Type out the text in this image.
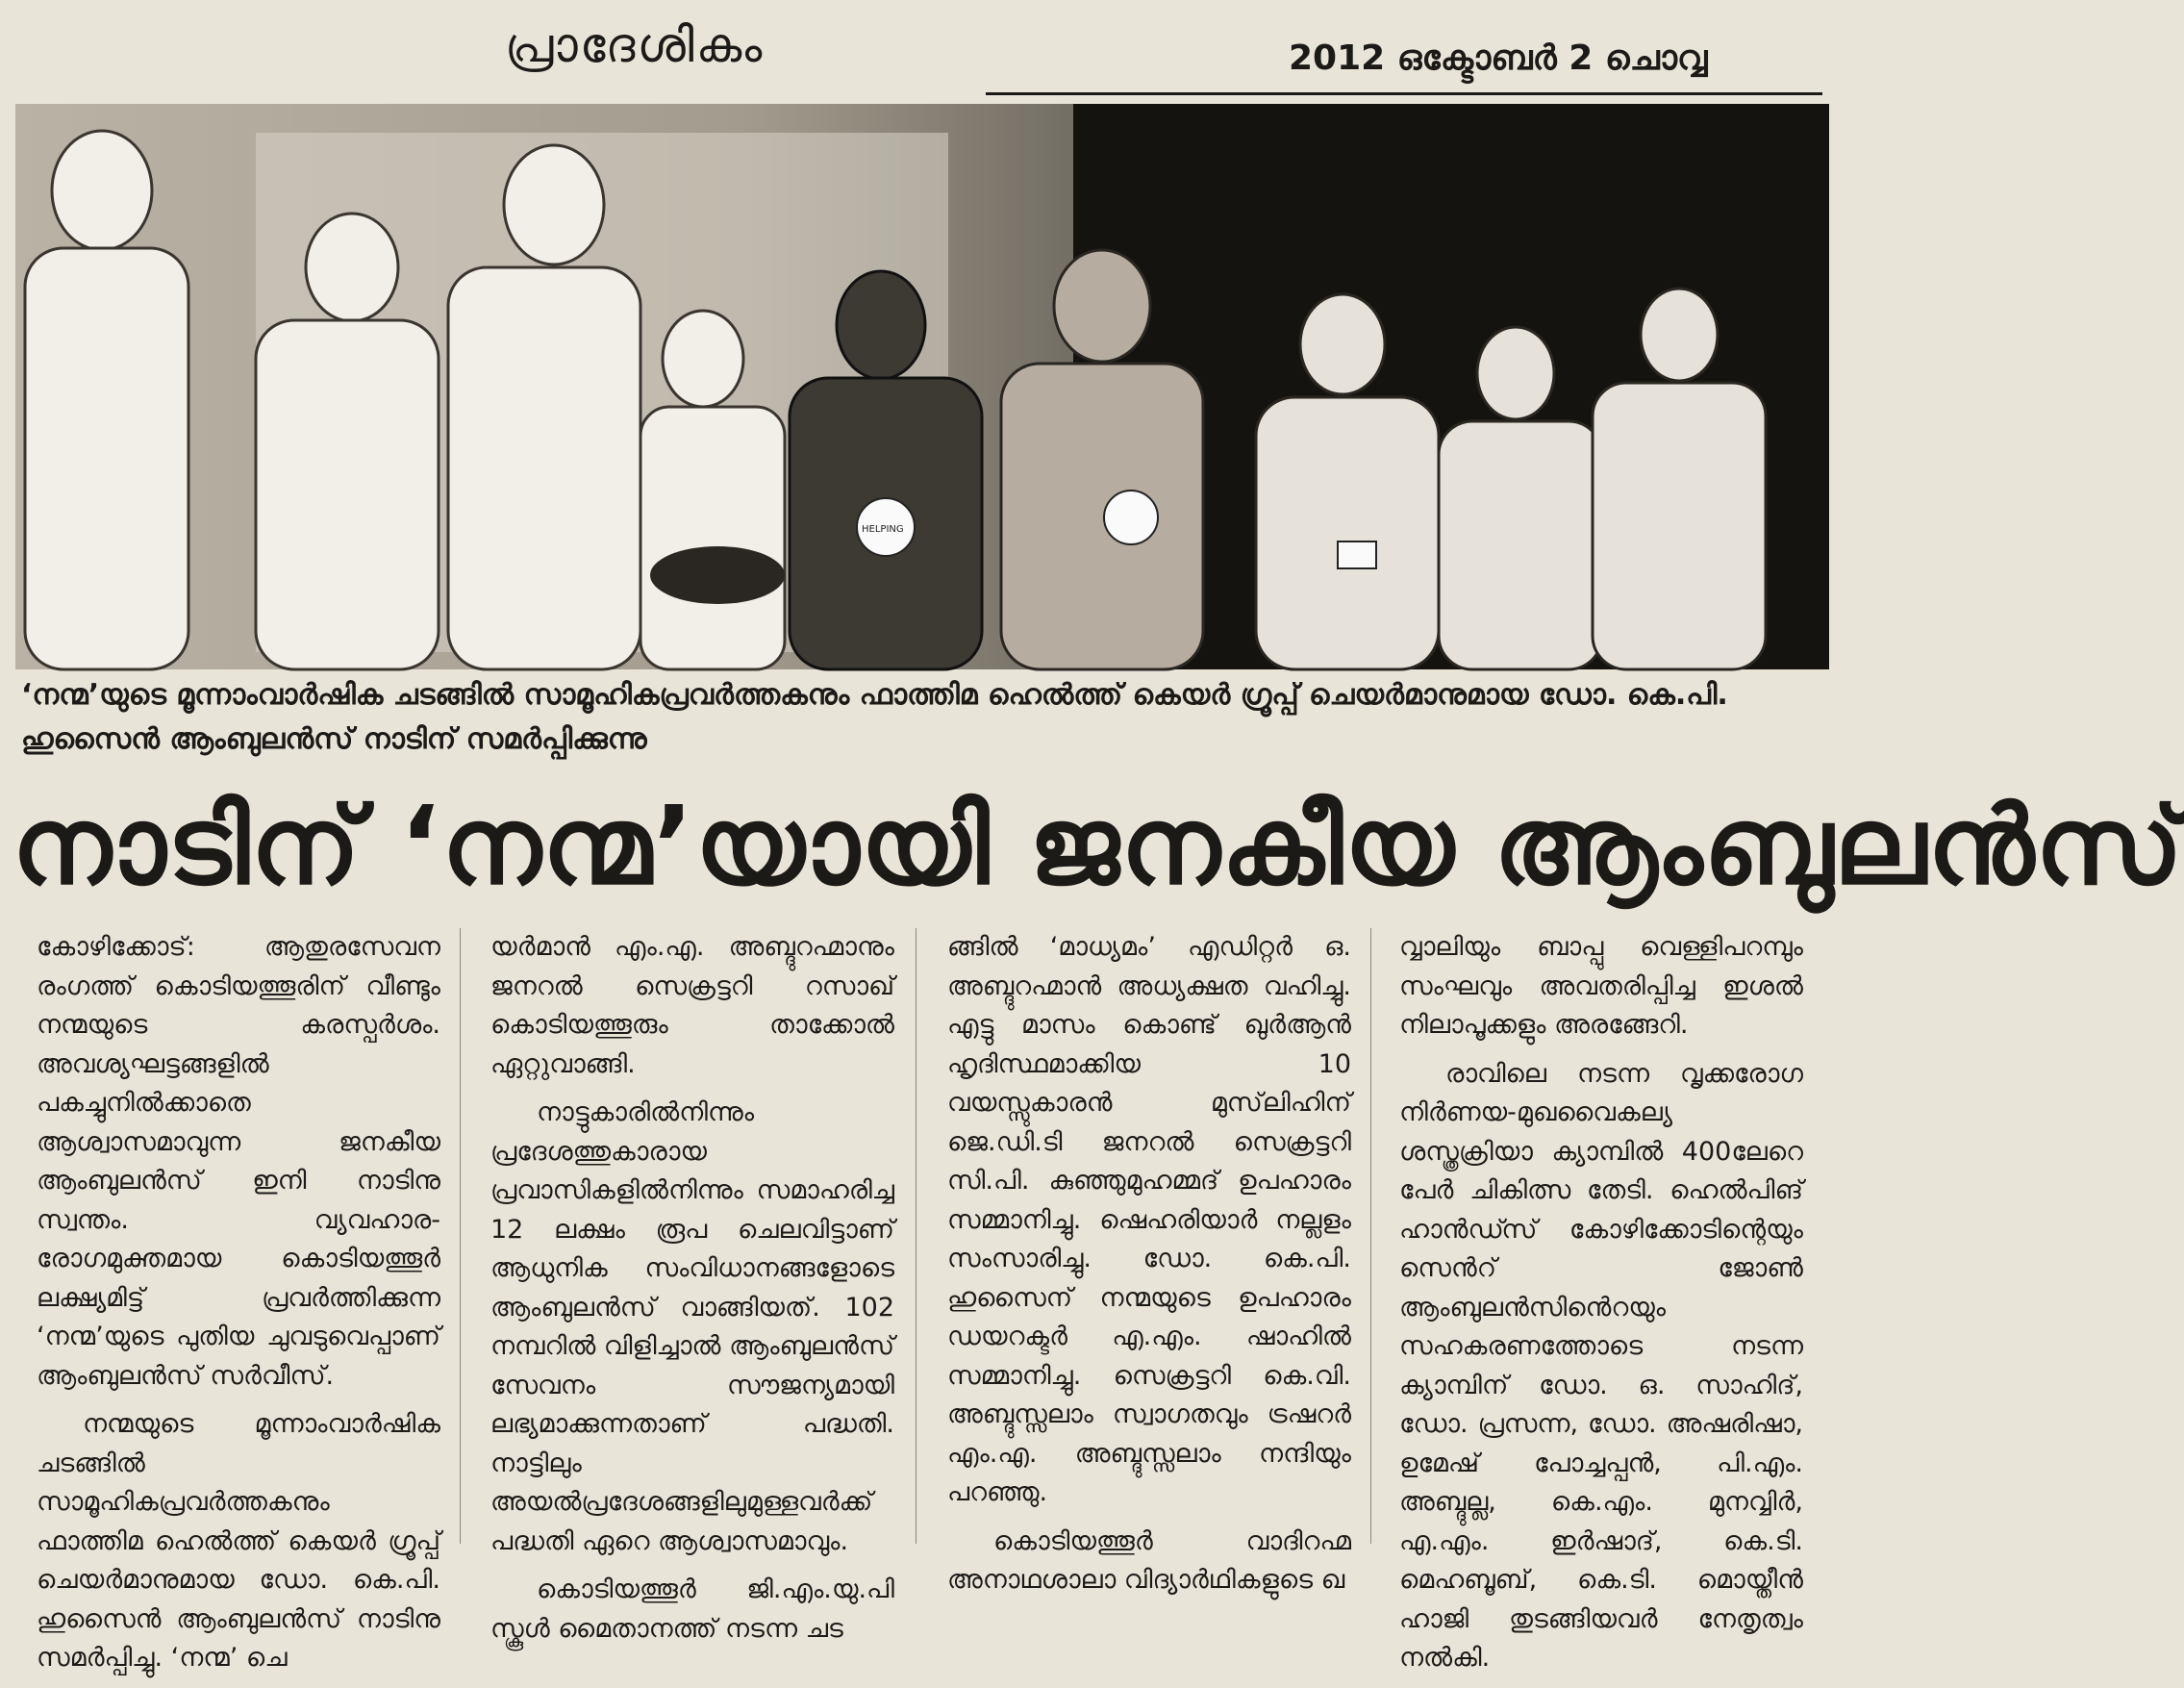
പ്രാദേശികം	2012 ഒക്ടോബർ 2 ചൊവ്വ
HELPING
‘നന്മ’യുടെ മൂന്നാംവാർഷിക ചടങ്ങിൽ സാമൂഹികപ്രവർത്തകനും ഫാത്തിമ ഹെൽത്ത് കെയർ ഗ്രൂപ്പ് ചെയർമാനുമായ ഡോ. കെ.പി. ഹുസൈൻ ആംബുലൻസ് നാടിന് സമർപ്പിക്കുന്നു
നാടിന് ‘നന്മ’യായി ജനകീയ ആംബുലൻസ്

കോഴിക്കോട്: ആതുരസേവന രംഗത്ത് കൊടിയത്തൂരിന് വീണ്ടും നന്മയുടെ കരസ്പർശം. അവശ്യഘട്ടങ്ങളിൽ പകച്ചുനിൽക്കാതെ ആശ്വാസമാവുന്ന ജനകീയ ആംബുലൻസ് ഇനി നാടിനു സ്വന്തം. വ്യവഹാര-രോഗമുക്തമായ കൊടിയത്തൂർ ലക്ഷ്യമിട്ട് പ്രവർത്തിക്കുന്ന ‘നന്മ’യുടെ പുതിയ ചുവടുവെപ്പാണ് ആംബുലൻസ് സർവീസ്.

നന്മയുടെ മൂന്നാംവാർഷിക ചടങ്ങിൽ സാമൂഹികപ്രവർത്തകനും ഫാത്തിമ ഹെൽത്ത് കെയർ ഗ്രൂപ്പ് ചെയർമാനുമായ ഡോ. കെ.പി. ഹുസൈൻ ആംബുലൻസ് നാടിനു സമർപ്പിച്ചു. ‘നന്മ’ ചെ

യർമാൻ എം.എ. അബ്ദുറഹ്മാനും ജനറൽ സെക്രട്ടറി റസാഖ് കൊടിയത്തൂരും താക്കോൽ ഏറ്റുവാങ്ങി.

നാട്ടുകാരിൽനിന്നും പ്രദേശത്തുകാരായ പ്രവാസികളിൽനിന്നും സമാഹരിച്ച 12 ലക്ഷം രൂപ ചെലവിട്ടാണ് ആധുനിക സംവിധാനങ്ങളോടെ ആംബുലൻസ് വാങ്ങിയത്. 102 നമ്പറിൽ വിളിച്ചാൽ ആംബുലൻസ് സേവനം സൗജന്യമായി ലഭ്യമാക്കുന്നതാണ് പദ്ധതി. നാട്ടിലും അയൽപ്രദേശങ്ങളിലുമുള്ളവർക്ക് പദ്ധതി ഏറെ ആശ്വാസമാവും.

കൊടിയത്തൂർ ജി.എം.യു.പി സ്കൂൾ മൈതാനത്ത് നടന്ന ചട

ങ്ങിൽ ‘മാധ്യമം’ എഡിറ്റർ ഒ. അബ്ദുറഹ്മാൻ അധ്യക്ഷത വഹിച്ചു. എട്ടു മാസം കൊണ്ട് ഖുർആൻ ഹൃദിസ്ഥമാക്കിയ 10 വയസ്സുകാരൻ മുസ്‌ലിഹിന് ജെ.ഡി.ടി ജനറൽ സെക്രട്ടറി സി.പി. കുഞ്ഞുമുഹമ്മദ് ഉപഹാരം സമ്മാനിച്ചു. ഷെഹരിയാർ നല്ലളം സംസാരിച്ചു. ഡോ. കെ.പി. ഹുസൈന് നന്മയുടെ ഉപഹാരം ഡയറക്ടർ എ.എം. ഷാഹിൽ സമ്മാനിച്ചു. സെക്രട്ടറി കെ.വി. അബ്ദുസ്സലാം സ്വാഗതവും ട്രഷറർ എം.എ. അബ്ദുസ്സലാം നന്ദിയും പറഞ്ഞു.

കൊടിയത്തൂർ വാദിറഹ്മ അനാഥശാലാ വിദ്യാർഥികളുടെ ഖ

വ്വാലിയും ബാപ്പു വെള്ളിപറമ്പും സംഘവും അവതരിപ്പിച്ച ഇശൽ നിലാപൂക്കളും അരങ്ങേറി.

രാവിലെ നടന്ന വൃക്കരോഗ നിർണയ-മുഖവൈകല്യ ശസ്ത്രക്രിയാ ക്യാമ്പിൽ 400ലേറെ പേർ ചികിത്സ തേടി. ഹെൽപിങ് ഹാൻഡ്സ് കോഴിക്കോടിന്റെയും സെൻറ് ജോൺ ആംബുലൻസിൻെറയും സഹകരണത്തോടെ നടന്ന ക്യാമ്പിന് ഡോ. ഒ. സാഹിദ്, ഡോ. പ്രസന്ന, ഡോ. അഷരിഷാ, ഉമേഷ് പോച്ചപ്പൻ, പി.എം. അബ്ദുല്ല, കെ.എം. മുനവ്വിർ, എ.എം. ഇർഷാദ്, കെ.ടി. മെഹബൂബ്, കെ.ടി. മൊയ്തീൻ ഹാജി തുടങ്ങിയവർ നേതൃത്വം നൽകി.
